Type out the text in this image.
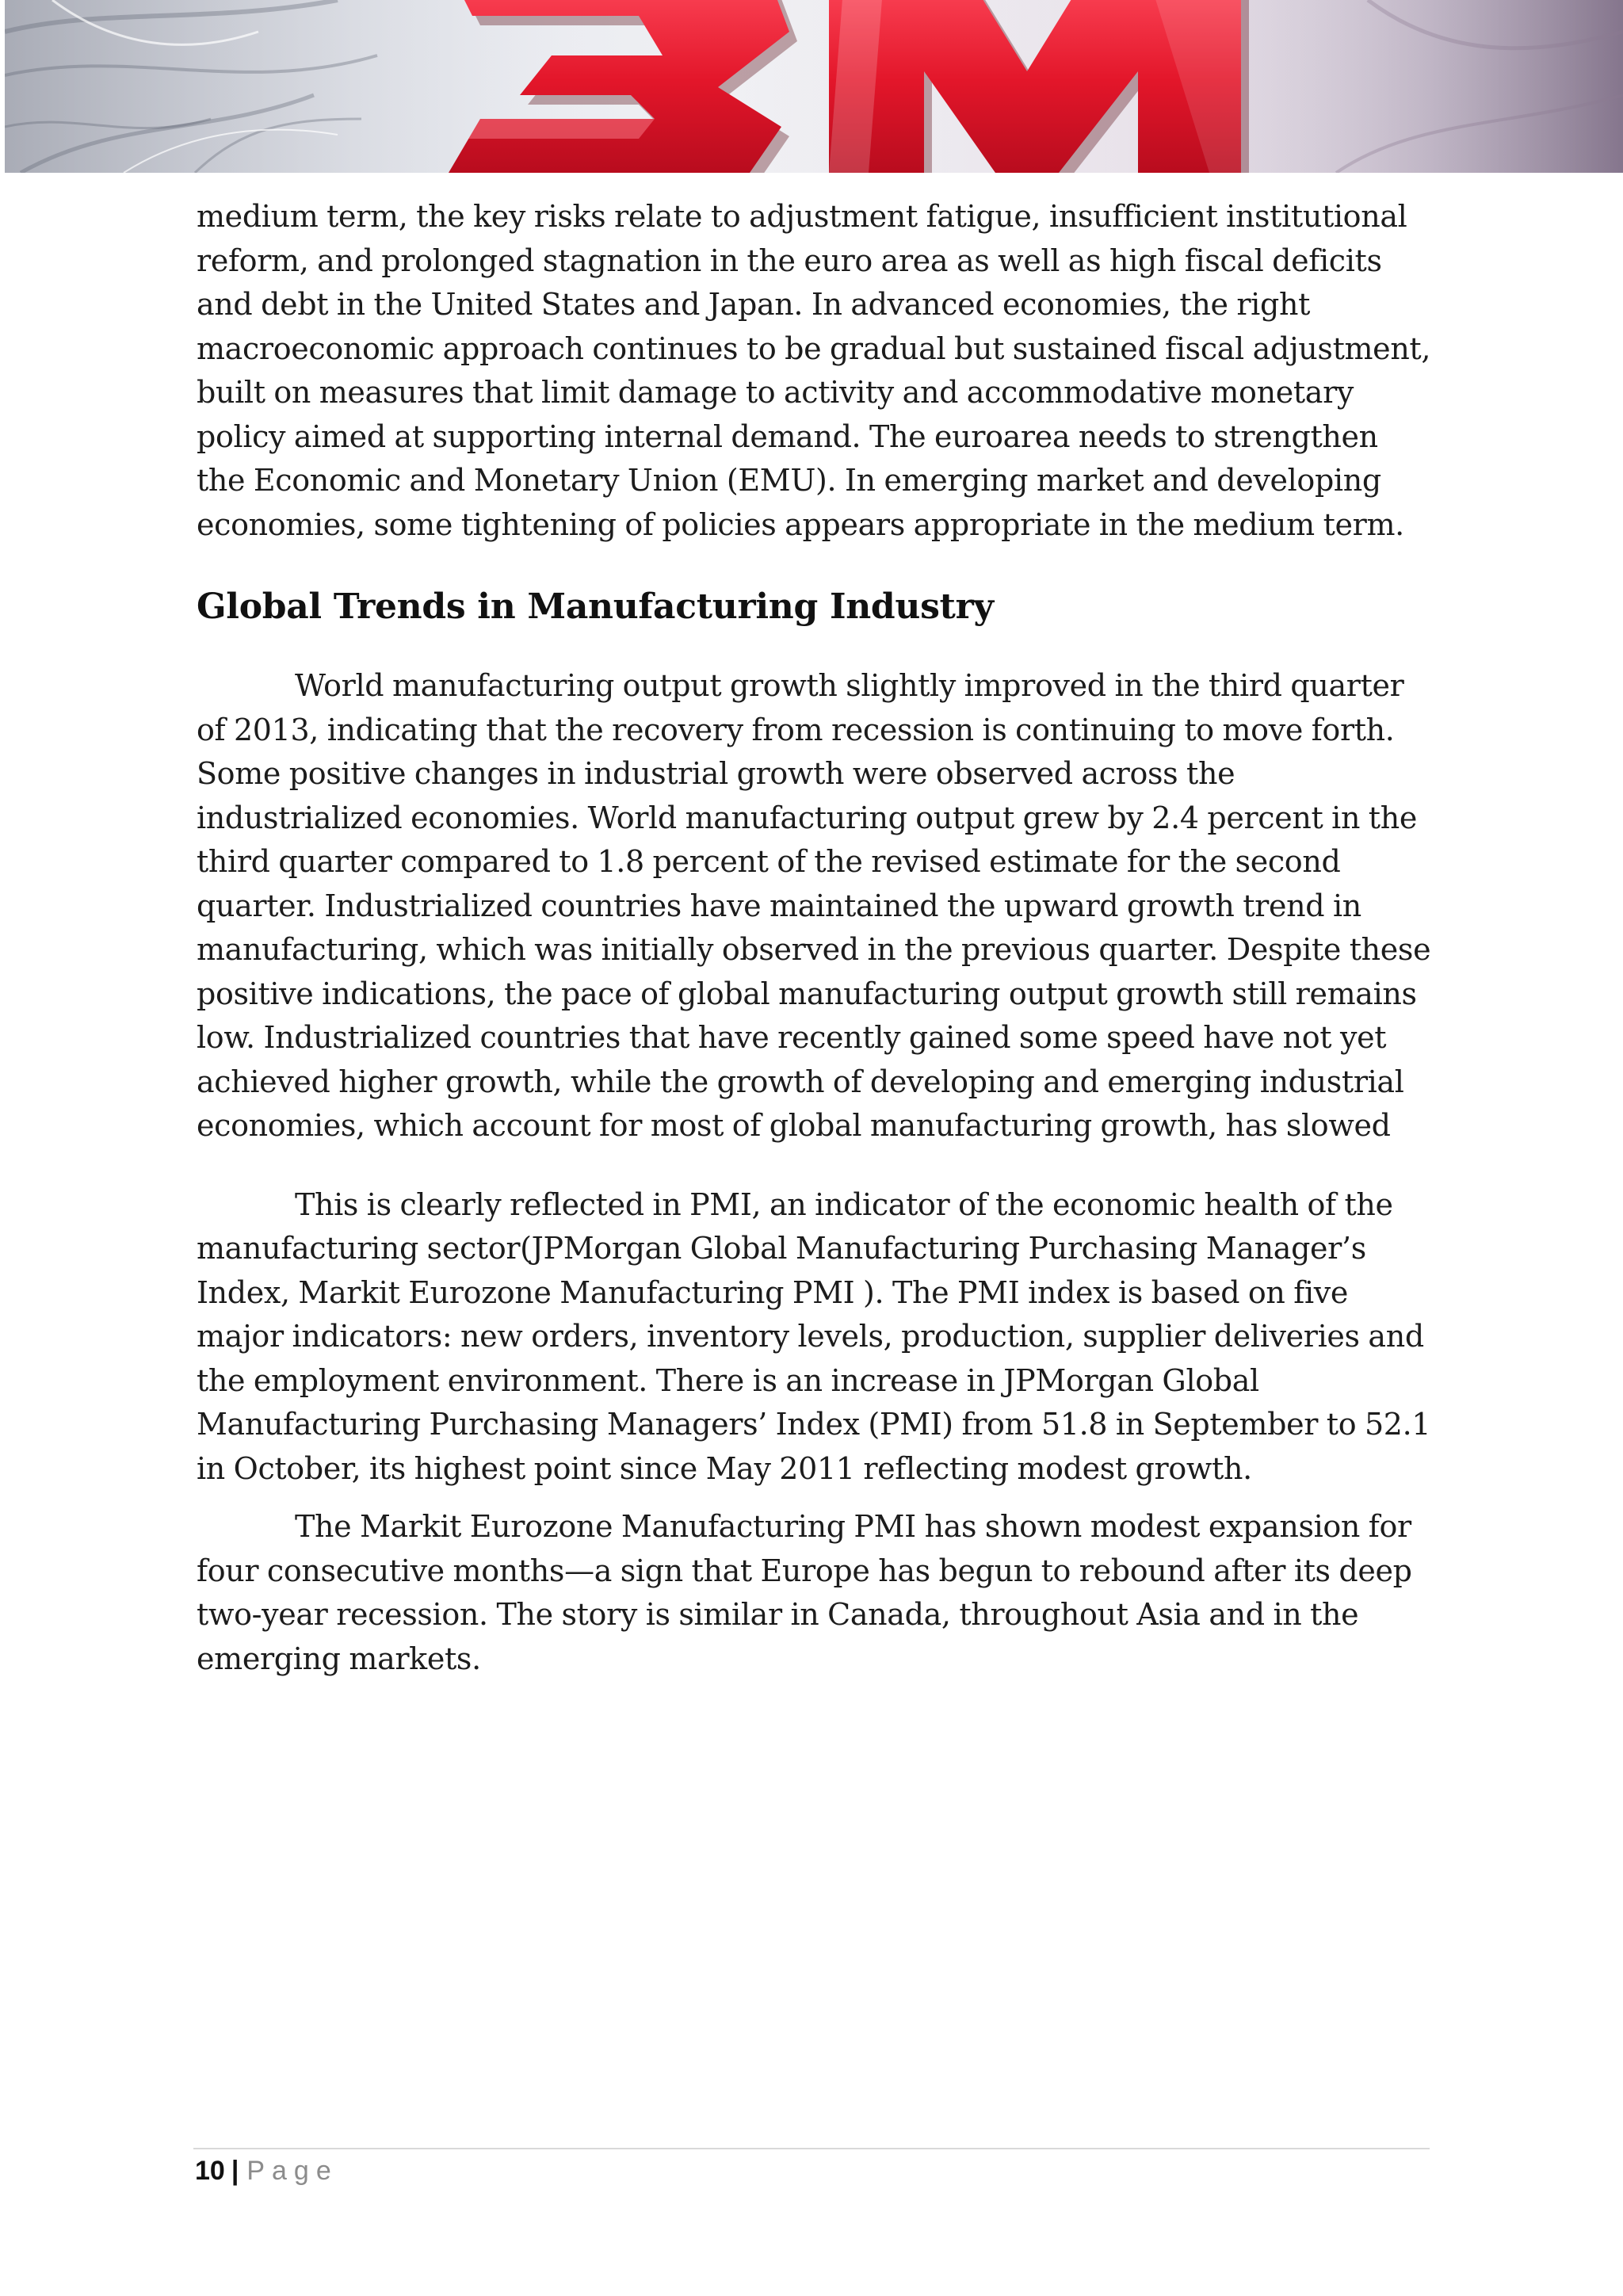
medium term, the key risks relate to adjustment fatigue, insufficient institutional reform, and prolonged stagnation in the euro area as well as high fiscal deficits and debt in the United States and Japan. In advanced economies, the right macroeconomic approach continues to be gradual but sustained fiscal adjustment, built on measures that limit damage to activity and accommodative monetary policy aimed at supporting internal demand. The euroarea needs to strengthen the Economic and Monetary Union (EMU). In emerging market and developing economies, some tightening of policies appears appropriate in the medium term.

Global Trends in Manufacturing Industry

World manufacturing output growth slightly improved in the third quarter of 2013, indicating that the recovery from recession is continuing to move forth. Some positive changes in industrial growth were observed across the industrialized economies. World manufacturing output grew by 2.4 percent in the third quarter compared to 1.8 percent of the revised estimate for the second quarter. Industrialized countries have maintained the upward growth trend in manufacturing, which was initially observed in the previous quarter. Despite these positive indications, the pace of global manufacturing output growth still remains low. Industrialized countries that have recently gained some speed have not yet achieved higher growth, while the growth of developing and emerging industrial economies, which account for most of global manufacturing growth, has slowed

This is clearly reflected in PMI, an indicator of the economic health of the manufacturing sector(JPMorgan Global Manufacturing Purchasing Manager’s Index, Markit Eurozone Manufacturing PMI ). The PMI index is based on five major indicators: new orders, inventory levels, production, supplier deliveries and the employment environment. There is an increase in JPMorgan Global Manufacturing Purchasing Managers’ Index (PMI) from 51.8 in September to 52.1 in October, its highest point since May 2011 reflecting modest growth.

The Markit Eurozone Manufacturing PMI has shown modest expansion for four consecutive months—a sign that Europe has begun to rebound after its deep two-year recession. The story is similar in Canada, throughout Asia and in the emerging markets.

10 | Page
